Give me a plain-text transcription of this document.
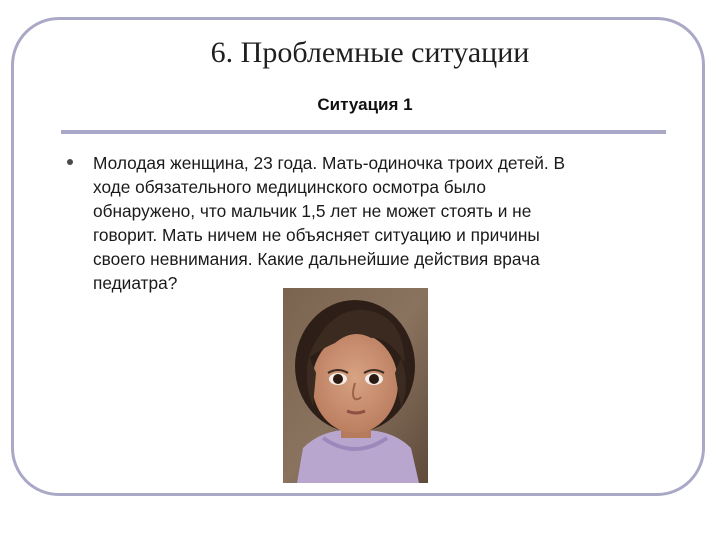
6. Проблемные ситуации
Ситуация 1
Молодая женщина, 23 года. Мать-одиночка троих детей. В
ходе обязательного медицинского осмотра было
обнаружено, что мальчик 1,5 лет не может стоять и не
говорит. Мать ничем не объясняет ситуацию и причины
своего невнимания. Какие дальнейшие действия врача
педиатра?
